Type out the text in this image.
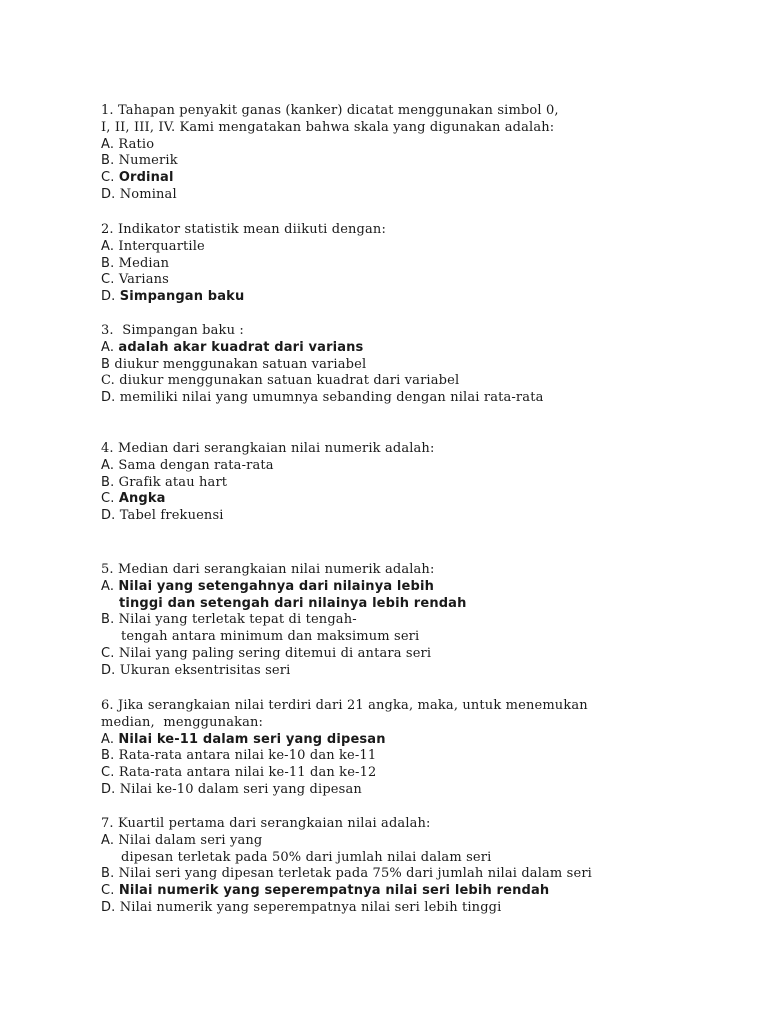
1. Tahapan penyakit ganas (kanker) dicatat menggunakan simbol 0,
I, II, III, IV. Kami mengatakan bahwa skala yang digunakan adalah:
A. Ratio
B. Numerik
C. Ordinal
D. Nominal
2. Indikator statistik mean diikuti dengan:
A. Interquartile
B. Median
C. Varians
D. Simpangan baku
3.  Simpangan baku :
A. adalah akar kuadrat dari varians
B diukur menggunakan satuan variabel
C. diukur menggunakan satuan kuadrat dari variabel
D. memiliki nilai yang umumnya sebanding dengan nilai rata-rata
4. Median dari serangkaian nilai numerik adalah:
A. Sama dengan rata-rata
B. Grafik atau hart
C. Angka
D. Tabel frekuensi
5. Median dari serangkaian nilai numerik adalah:
A. Nilai yang setengahnya dari nilainya lebih
tinggi dan setengah dari nilainya lebih rendah
B. Nilai yang terletak tepat di tengah-
tengah antara minimum dan maksimum seri
C. Nilai yang paling sering ditemui di antara seri
D. Ukuran eksentrisitas seri
6. Jika serangkaian nilai terdiri dari 21 angka, maka, untuk menemukan
median,  menggunakan:
A. Nilai ke-11 dalam seri yang dipesan
B. Rata-rata antara nilai ke-10 dan ke-11
C. Rata-rata antara nilai ke-11 dan ke-12
D. Nilai ke-10 dalam seri yang dipesan
7. Kuartil pertama dari serangkaian nilai adalah:
A. Nilai dalam seri yang
dipesan terletak pada 50% dari jumlah nilai dalam seri
B. Nilai seri yang dipesan terletak pada 75% dari jumlah nilai dalam seri
C. Nilai numerik yang seperempatnya nilai seri lebih rendah
D. Nilai numerik yang seperempatnya nilai seri lebih tinggi
